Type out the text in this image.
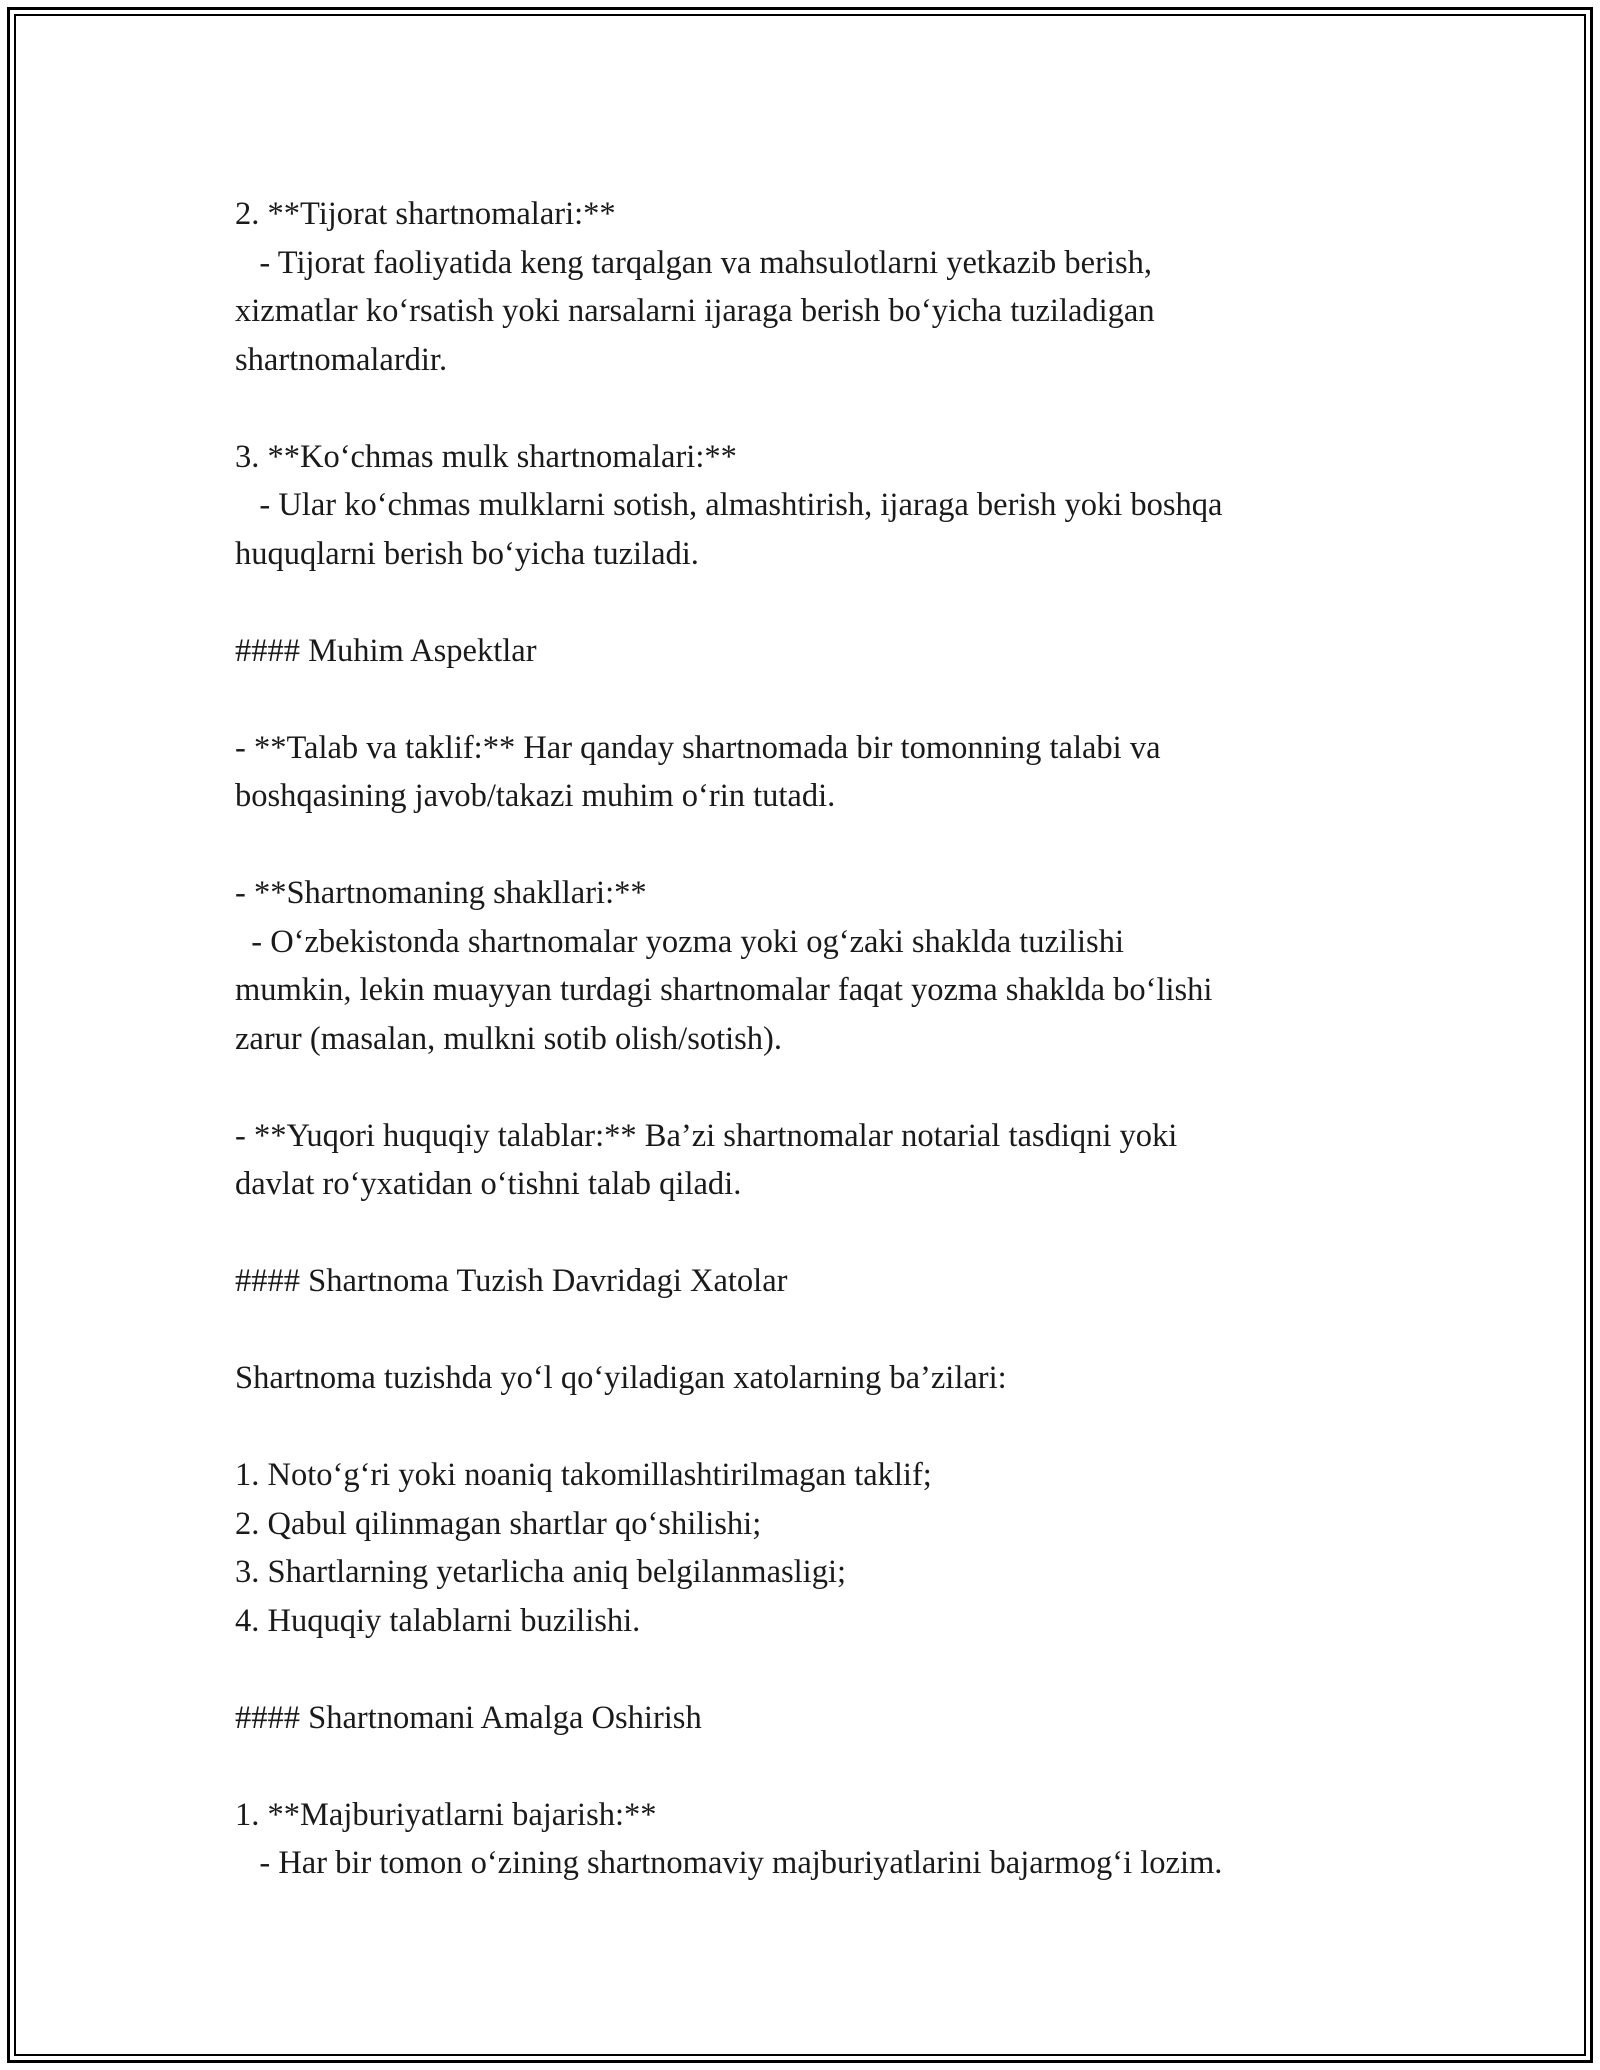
2. **Tijorat shartnomalari:**
- Tijorat faoliyatida keng tarqalgan va mahsulotlarni yetkazib berish,
xizmatlar ko‘rsatish yoki narsalarni ijaraga berish bo‘yicha tuziladigan
shartnomalardir.
3. **Ko‘chmas mulk shartnomalari:**
- Ular ko‘chmas mulklarni sotish, almashtirish, ijaraga berish yoki boshqa
huquqlarni berish bo‘yicha tuziladi.
#### Muhim Aspektlar
- **Talab va taklif:** Har qanday shartnomada bir tomonning talabi va
boshqasining javob/takazi muhim o‘rin tutadi.
- **Shartnomaning shakllari:**
- O‘zbekistonda shartnomalar yozma yoki og‘zaki shaklda tuzilishi
mumkin, lekin muayyan turdagi shartnomalar faqat yozma shaklda bo‘lishi
zarur (masalan, mulkni sotib olish/sotish).
- **Yuqori huquqiy talablar:** Ba’zi shartnomalar notarial tasdiqni yoki
davlat ro‘yxatidan o‘tishni talab qiladi.
#### Shartnoma Tuzish Davridagi Xatolar
Shartnoma tuzishda yo‘l qo‘yiladigan xatolarning ba’zilari:
1. Noto‘g‘ri yoki noaniq takomillashtirilmagan taklif;
2. Qabul qilinmagan shartlar qo‘shilishi;
3. Shartlarning yetarlicha aniq belgilanmasligi;
4. Huquqiy talablarni buzilishi.
#### Shartnomani Amalga Oshirish
1. **Majburiyatlarni bajarish:**
- Har bir tomon o‘zining shartnomaviy majburiyatlarini bajarmog‘i lozim.
